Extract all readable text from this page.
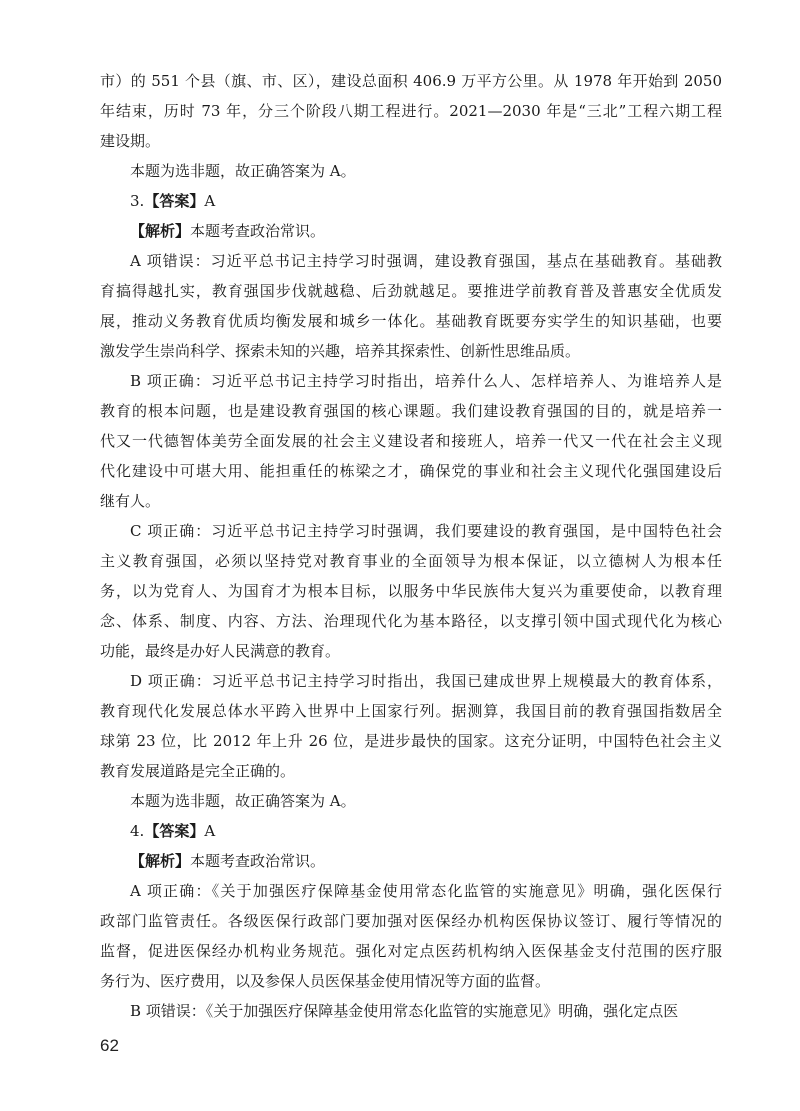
市）的 551 个县（旗、市、区），建设总面积 406.9 万平方公里。从 1978 年开始到 2050
年结束，历时 73 年，分三个阶段八期工程进行。2021—2030 年是“三北”工程六期工程
建设期。
本题为选非题，故正确答案为 A。
3.【答案】A
【解析】本题考查政治常识。
A 项错误：习近平总书记主持学习时强调，建设教育强国，基点在基础教育。基础教
育搞得越扎实，教育强国步伐就越稳、后劲就越足。要推进学前教育普及普惠安全优质发
展，推动义务教育优质均衡发展和城乡一体化。基础教育既要夯实学生的知识基础，也要
激发学生崇尚科学、探索未知的兴趣，培养其探索性、创新性思维品质。
B 项正确：习近平总书记主持学习时指出，培养什么人、怎样培养人、为谁培养人是
教育的根本问题，也是建设教育强国的核心课题。我们建设教育强国的目的，就是培养一
代又一代德智体美劳全面发展的社会主义建设者和接班人，培养一代又一代在社会主义现
代化建设中可堪大用、能担重任的栋梁之才，确保党的事业和社会主义现代化强国建设后
继有人。
C 项正确：习近平总书记主持学习时强调，我们要建设的教育强国，是中国特色社会
主义教育强国，必须以坚持党对教育事业的全面领导为根本保证，以立德树人为根本任
务，以为党育人、为国育才为根本目标，以服务中华民族伟大复兴为重要使命，以教育理
念、体系、制度、内容、方法、治理现代化为基本路径，以支撑引领中国式现代化为核心
功能，最终是办好人民满意的教育。
D 项正确：习近平总书记主持学习时指出，我国已建成世界上规模最大的教育体系，
教育现代化发展总体水平跨入世界中上国家行列。据测算，我国目前的教育强国指数居全
球第 23 位，比 2012 年上升 26 位，是进步最快的国家。这充分证明，中国特色社会主义
教育发展道路是完全正确的。
本题为选非题，故正确答案为 A。
4.【答案】A
【解析】本题考查政治常识。
A 项正确：《关于加强医疗保障基金使用常态化监管的实施意见》明确，强化医保行
政部门监管责任。各级医保行政部门要加强对医保经办机构医保协议签订、履行等情况的
监督，促进医保经办机构业务规范。强化对定点医药机构纳入医保基金支付范围的医疗服
务行为、医疗费用，以及参保人员医保基金使用情况等方面的监督。
B 项错误：《关于加强医疗保障基金使用常态化监管的实施意见》明确，强化定点医
62
